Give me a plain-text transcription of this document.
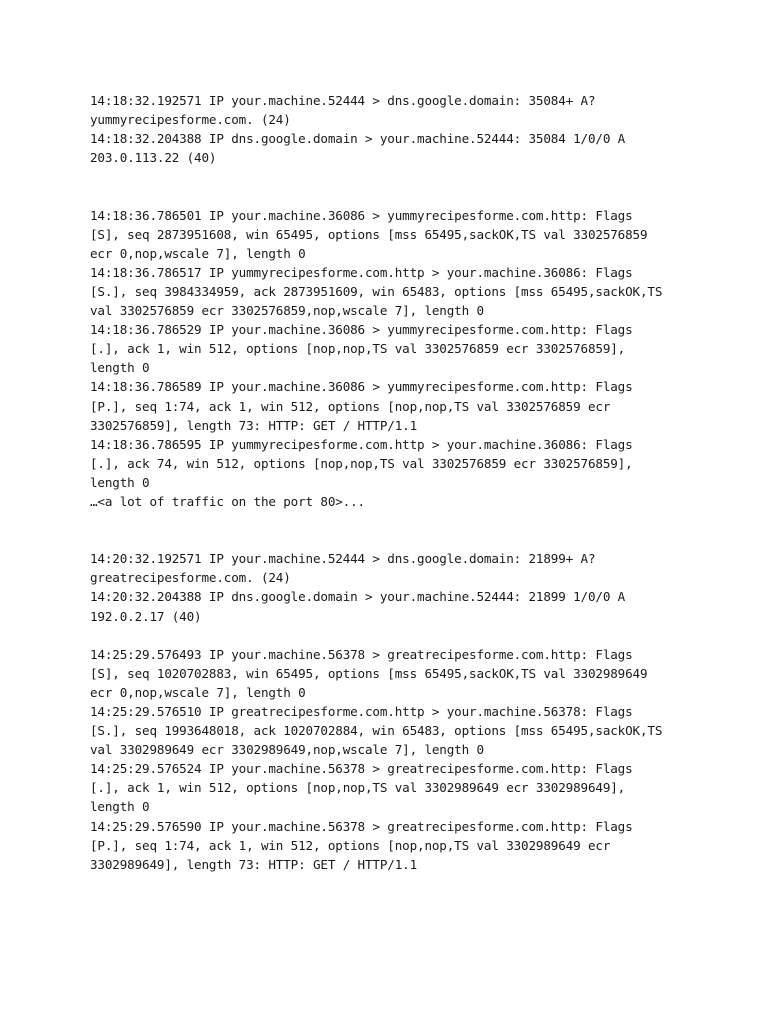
14:18:32.192571 IP your.machine.52444 > dns.google.domain: 35084+ A?
yummyrecipesforme.com. (24)
14:18:32.204388 IP dns.google.domain > your.machine.52444: 35084 1/0/0 A
203.0.113.22 (40)
14:18:36.786501 IP your.machine.36086 > yummyrecipesforme.com.http: Flags
[S], seq 2873951608, win 65495, options [mss 65495,sackOK,TS val 3302576859
ecr 0,nop,wscale 7], length 0
14:18:36.786517 IP yummyrecipesforme.com.http > your.machine.36086: Flags
[S.], seq 3984334959, ack 2873951609, win 65483, options [mss 65495,sackOK,TS
val 3302576859 ecr 3302576859,nop,wscale 7], length 0
14:18:36.786529 IP your.machine.36086 > yummyrecipesforme.com.http: Flags
[.], ack 1, win 512, options [nop,nop,TS val 3302576859 ecr 3302576859],
length 0
14:18:36.786589 IP your.machine.36086 > yummyrecipesforme.com.http: Flags
[P.], seq 1:74, ack 1, win 512, options [nop,nop,TS val 3302576859 ecr
3302576859], length 73: HTTP: GET / HTTP/1.1
14:18:36.786595 IP yummyrecipesforme.com.http > your.machine.36086: Flags
[.], ack 74, win 512, options [nop,nop,TS val 3302576859 ecr 3302576859],
length 0
…<a lot of traffic on the port 80>...
14:20:32.192571 IP your.machine.52444 > dns.google.domain: 21899+ A?
greatrecipesforme.com. (24)
14:20:32.204388 IP dns.google.domain > your.machine.52444: 21899 1/0/0 A
192.0.2.17 (40)
14:25:29.576493 IP your.machine.56378 > greatrecipesforme.com.http: Flags
[S], seq 1020702883, win 65495, options [mss 65495,sackOK,TS val 3302989649
ecr 0,nop,wscale 7], length 0
14:25:29.576510 IP greatrecipesforme.com.http > your.machine.56378: Flags
[S.], seq 1993648018, ack 1020702884, win 65483, options [mss 65495,sackOK,TS
val 3302989649 ecr 3302989649,nop,wscale 7], length 0
14:25:29.576524 IP your.machine.56378 > greatrecipesforme.com.http: Flags
[.], ack 1, win 512, options [nop,nop,TS val 3302989649 ecr 3302989649],
length 0
14:25:29.576590 IP your.machine.56378 > greatrecipesforme.com.http: Flags
[P.], seq 1:74, ack 1, win 512, options [nop,nop,TS val 3302989649 ecr
3302989649], length 73: HTTP: GET / HTTP/1.1
